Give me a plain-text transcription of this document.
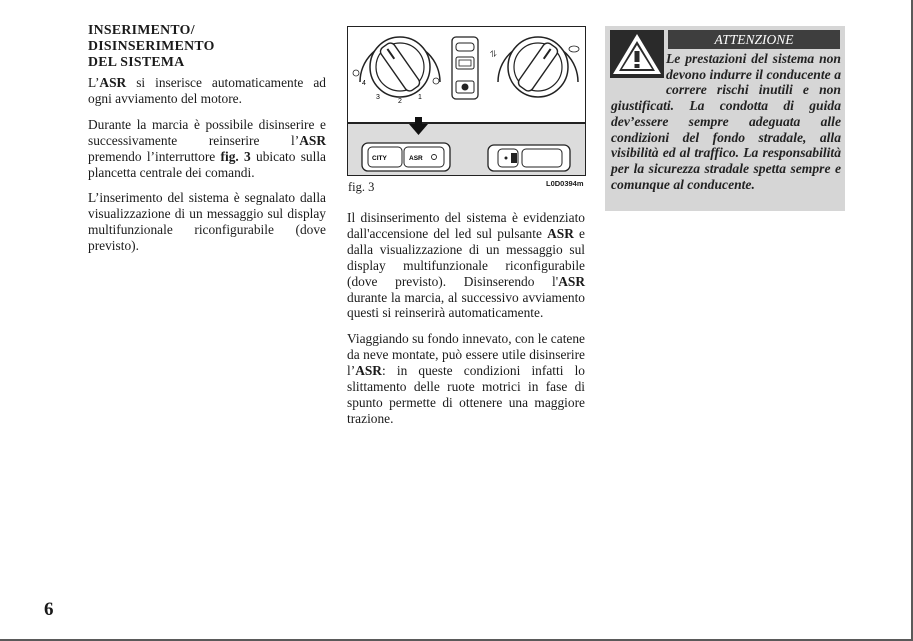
INSERIMENTO/
DISINSERIMENTO
DEL SISTEMA

L’ASR si inserisce automaticamente ad ogni avviamento del motore.

Durante la marcia è possibile disinserire e successivamente reinserire l’ASR premendo l’interruttore fig. 3 ubicato sulla plancetta centrale dei comandi.

L’inserimento del sistema è segnalato dalla visualizzazione di un messaggio sul display multifunzionale riconfigurabile (dove previsto).

4
3
2
1
⥮
CITY	ASR
fig. 3	L0D0394m

Il disinserimento del sistema è evidenziato dall'accensione del led sul pulsante ASR e dalla visualizzazione di un messaggio sul display multifunzionale riconfigurabile (dove previsto). Disinserendo l'ASR durante la marcia, al successivo avviamento questi si reinserirà automaticamente.

Viaggiando su fondo innevato, con le catene da neve montate, può essere utile disinserire l’ASR: in queste condizioni infatti lo slittamento delle ruote motrici in fase di spunto permette di ottenere una maggiore trazione.

ATTENZIONE
Le prestazioni del sistema non devono indurre il conducente a correre rischi inutili e non giustificati. La condotta di guida dev’essere sempre adeguata alle condizioni del fondo stradale, alla visibilità ed al traffico. La responsabilità per la sicurezza stradale spetta sempre e comunque al conducente.
6
